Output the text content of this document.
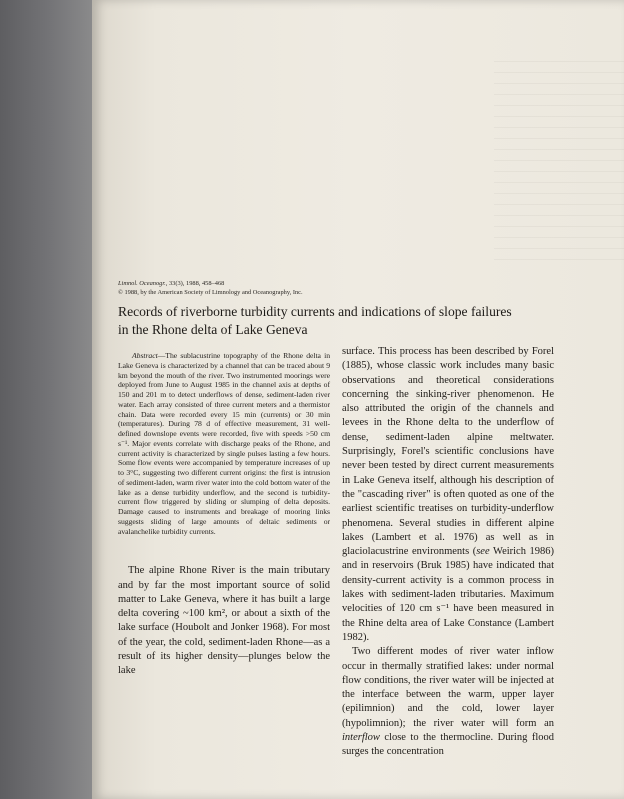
Limnol. Oceanogr., 33(3), 1988, 458–468
© 1988, by the American Society of Limnology and Oceanography, Inc.
Records of riverborne turbidity currents and indications of slope failures in the Rhone delta of Lake Geneva

Abstract—The sublacustrine topography of the Rhone delta in Lake Geneva is characterized by a channel that can be traced about 9 km beyond the mouth of the river. Two instrumented moorings were deployed from June to August 1985 in the channel axis at depths of 150 and 201 m to detect underflows of dense, sediment-laden river water. Each array consisted of three current meters and a thermistor chain. Data were recorded every 15 min (currents) or 30 min (temperatures). During 78 d of effective measurement, 31 well-defined downslope events were recorded, five with speeds >50 cm s⁻¹. Major events correlate with discharge peaks of the Rhone, and current activity is characterized by single pulses lasting a few hours. Some flow events were accompanied by temperature increases of up to 3°C, suggesting two different current origins: the first is intrusion of sediment-laden, warm river water into the cold bottom water of the lake as a dense turbidity underflow, and the second is turbidity-current flow triggered by sliding or slumping of delta deposits. Damage caused to instruments and breakage of mooring links suggests sliding of large amounts of deltaic sediments or avalanchelike turbidity currents.

The alpine Rhone River is the main tributary and by far the most important source of solid matter to Lake Geneva, where it has built a large delta covering ~100 km², or about a sixth of the lake surface (Houbolt and Jonker 1968). For most of the year, the cold, sediment-laden Rhone—as a result of its higher density—plunges below the lake

surface. This process has been described by Forel (1885), whose classic work includes many basic observations and theoretical considerations concerning the sinking-river phenomenon. He also attributed the origin of the channels and levees in the Rhone delta to the underflow of dense, sediment-laden alpine meltwater. Surprisingly, Forel's scientific conclusions have never been tested by direct current measurements in Lake Geneva itself, although his description of the "cascading river" is often quoted as one of the earliest scientific treatises on turbidity-underflow phenomena. Several studies in different alpine lakes (Lambert et al. 1976) as well as in glaciolacustrine environments (see Weirich 1986) and in reservoirs (Bruk 1985) have indicated that density-current activity is a common process in lakes with sediment-laden tributaries. Maximum velocities of 120 cm s⁻¹ have been measured in the Rhine delta area of Lake Constance (Lambert 1982).

Two different modes of river water inflow occur in thermally stratified lakes: under normal flow conditions, the river water will be injected at the interface between the warm, upper layer (epilimnion) and the cold, lower layer (hypolimnion); the river water will form an interflow close to the thermocline. During flood surges the concentration
